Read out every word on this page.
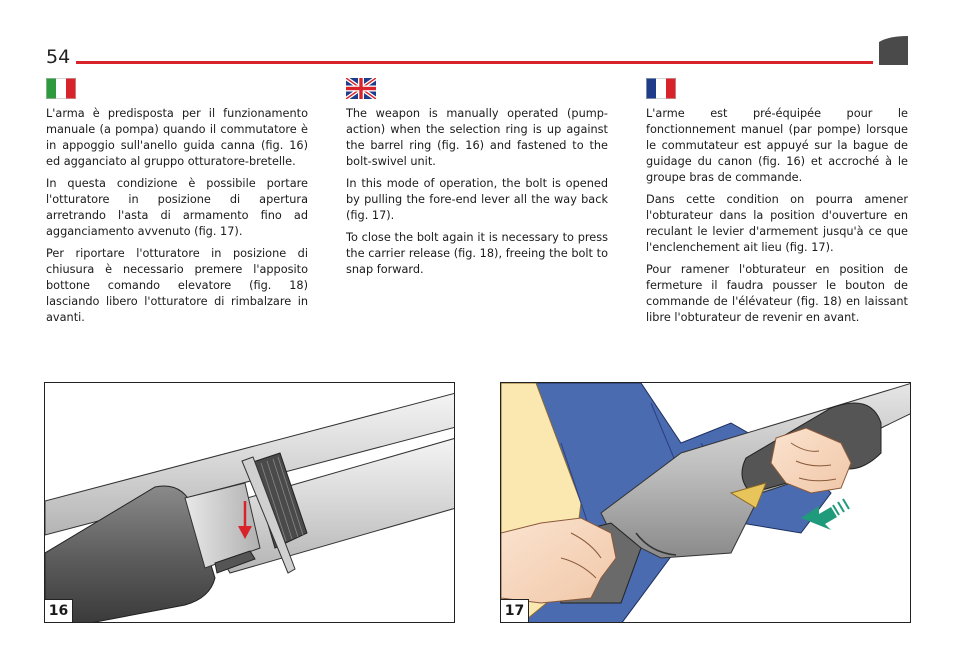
54

L'arma è predisposta per il funzionamento manuale (a pompa) quando il commutatore è in appoggio sull'anello guida canna (fig. 16) ed agganciato al gruppo otturatore-bretelle.

In questa condizione è possibile portare l'otturatore in posizione di apertura arretrando l'asta di armamento fino ad agganciamento avvenuto (fig. 17).

Per riportare l'otturatore in posizione di chiusura è necessario premere l'apposito bottone comando elevatore (fig. 18) lasciando libero l'otturatore di rimbalzare in avanti.

The weapon is manually operated (pump-action) when the selection ring is up against the barrel ring (fig. 16) and fastened to the bolt-swivel unit.

In this mode of operation, the bolt is opened by pulling the fore-end lever all the way back (fig. 17).

To close the bolt again it is necessary to press the carrier release (fig. 18), freeing the bolt to snap forward.

L'arme est pré-équipée pour le fonctionnement manuel (par pompe) lorsque le commutateur est appuyé sur la bague de guidage du canon (fig. 16) et accroché à le groupe bras de commande.

Dans cette condition on pourra amener l'obturateur dans la position d'ouverture en reculant le levier d'armement jusqu'à ce que l'enclenchement ait lieu (fig. 17).

Pour ramener l'obturateur en position de fermeture il faudra pousser le bouton de commande de l'élévateur (fig. 18) en laissant libre l'obturateur de revenir en avant.

16	17
